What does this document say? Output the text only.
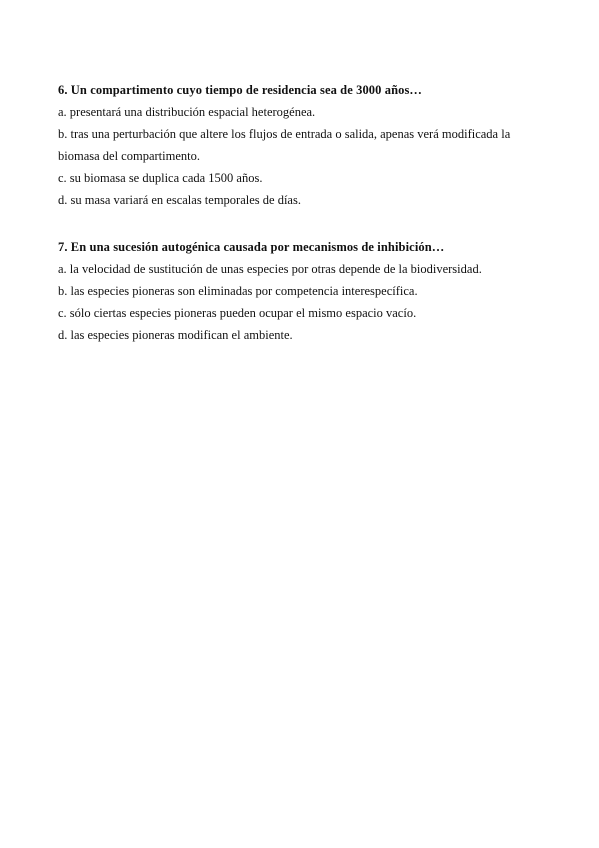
6. Un compartimento cuyo tiempo de residencia sea de 3000 años…

a. presentará una distribución espacial heterogénea.

b. tras una perturbación que altere los flujos de entrada o salida, apenas verá modificada la biomasa del compartimento.

c. su biomasa se duplica cada 1500 años.

d. su masa variará en escalas temporales de días.

7. En una sucesión autogénica causada por mecanismos de inhibición…

a. la velocidad de sustitución de unas especies por otras depende de la biodiversidad.

b. las especies pioneras son eliminadas por competencia interespecífica.

c. sólo ciertas especies pioneras pueden ocupar el mismo espacio vacío.

d. las especies pioneras modifican el ambiente.
